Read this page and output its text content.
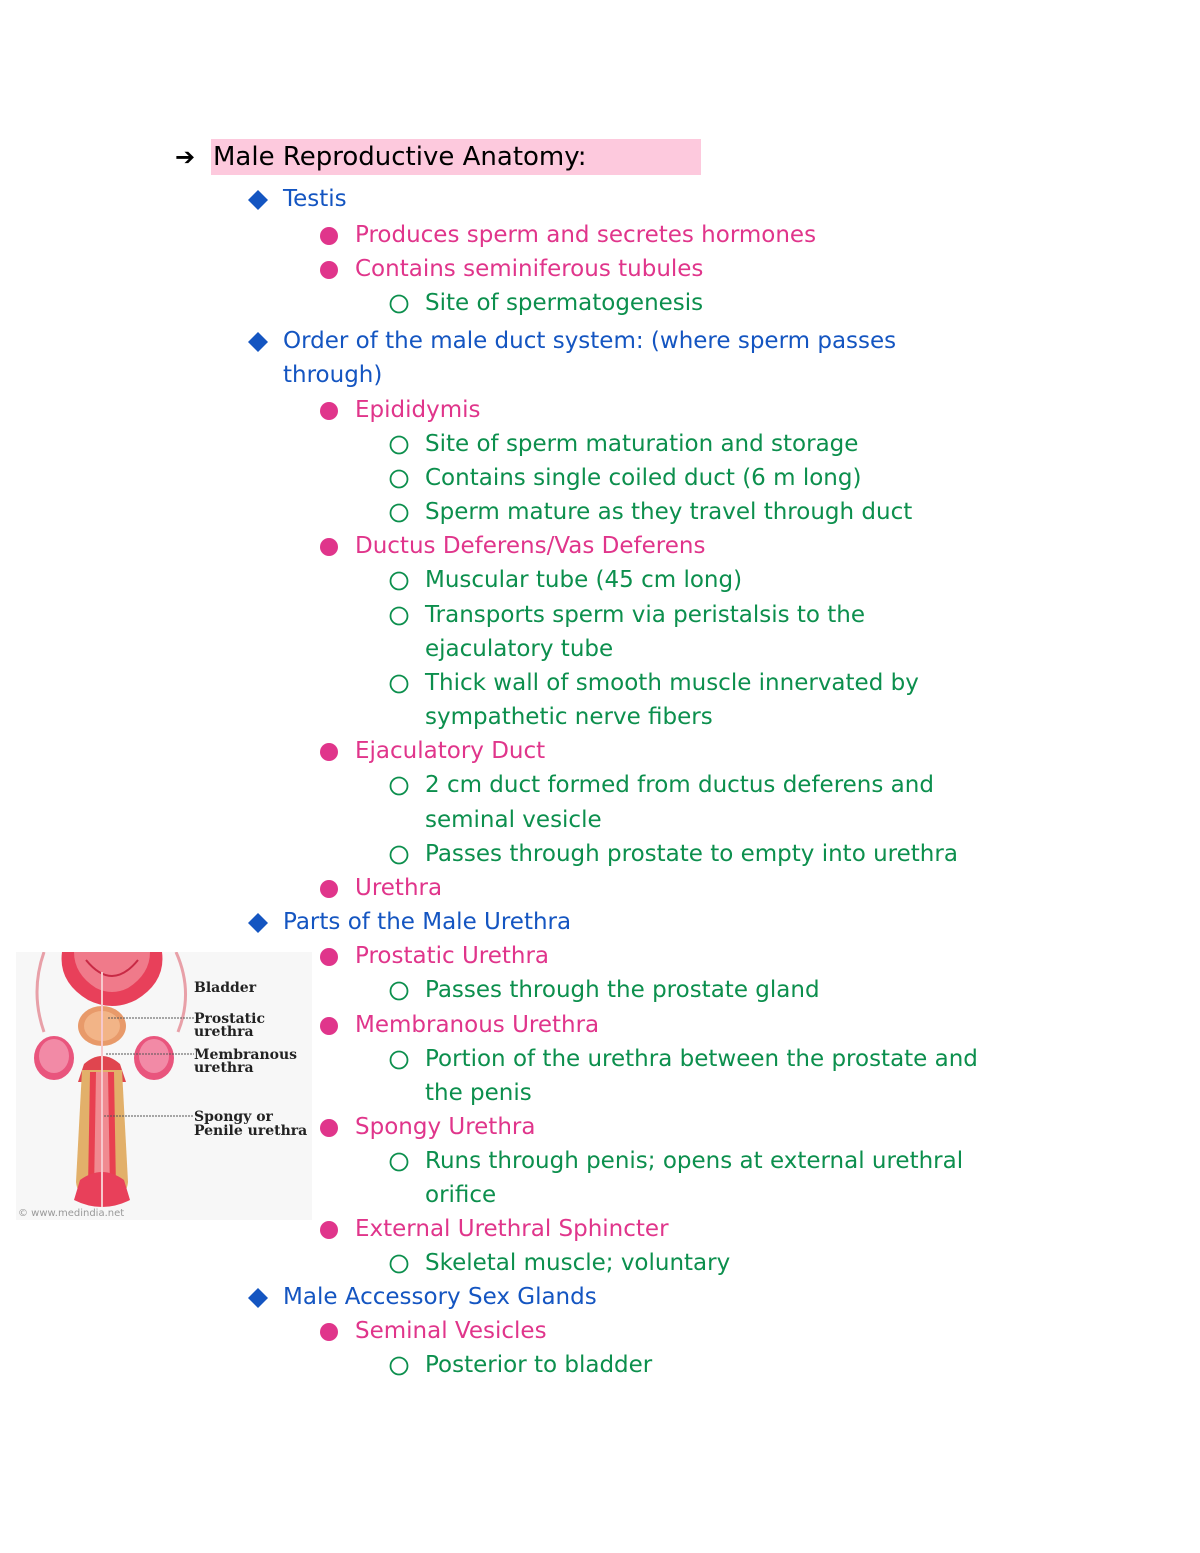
➔ Male Reproductive Anatomy:
Testis
Produces sperm and secretes hormones
Contains seminiferous tubules
Site of spermatogenesis
Order of the male duct system: (where sperm passes
through)
Epididymis
Site of sperm maturation and storage
Contains single coiled duct (6 m long)
Sperm mature as they travel through duct
Ductus Deferens/Vas Deferens
Muscular tube (45 cm long)
Transports sperm via peristalsis to the
ejaculatory tube
Thick wall of smooth muscle innervated by
sympathetic nerve fibers
Ejaculatory Duct
2 cm duct formed from ductus deferens and
seminal vesicle
Passes through prostate to empty into urethra
Urethra
Parts of the Male Urethra
Prostatic Urethra
Passes through the prostate gland
Membranous Urethra
Portion of the urethra between the prostate and
the penis
Spongy Urethra
Runs through penis; opens at external urethral
orifice
External Urethral Sphincter
Skeletal muscle; voluntary
Male Accessory Sex Glands
Seminal Vesicles
Posterior to bladder
Bladder
Prostatic
urethra
Membranous
urethra
Spongy or
Penile urethra
© www.medindia.net
